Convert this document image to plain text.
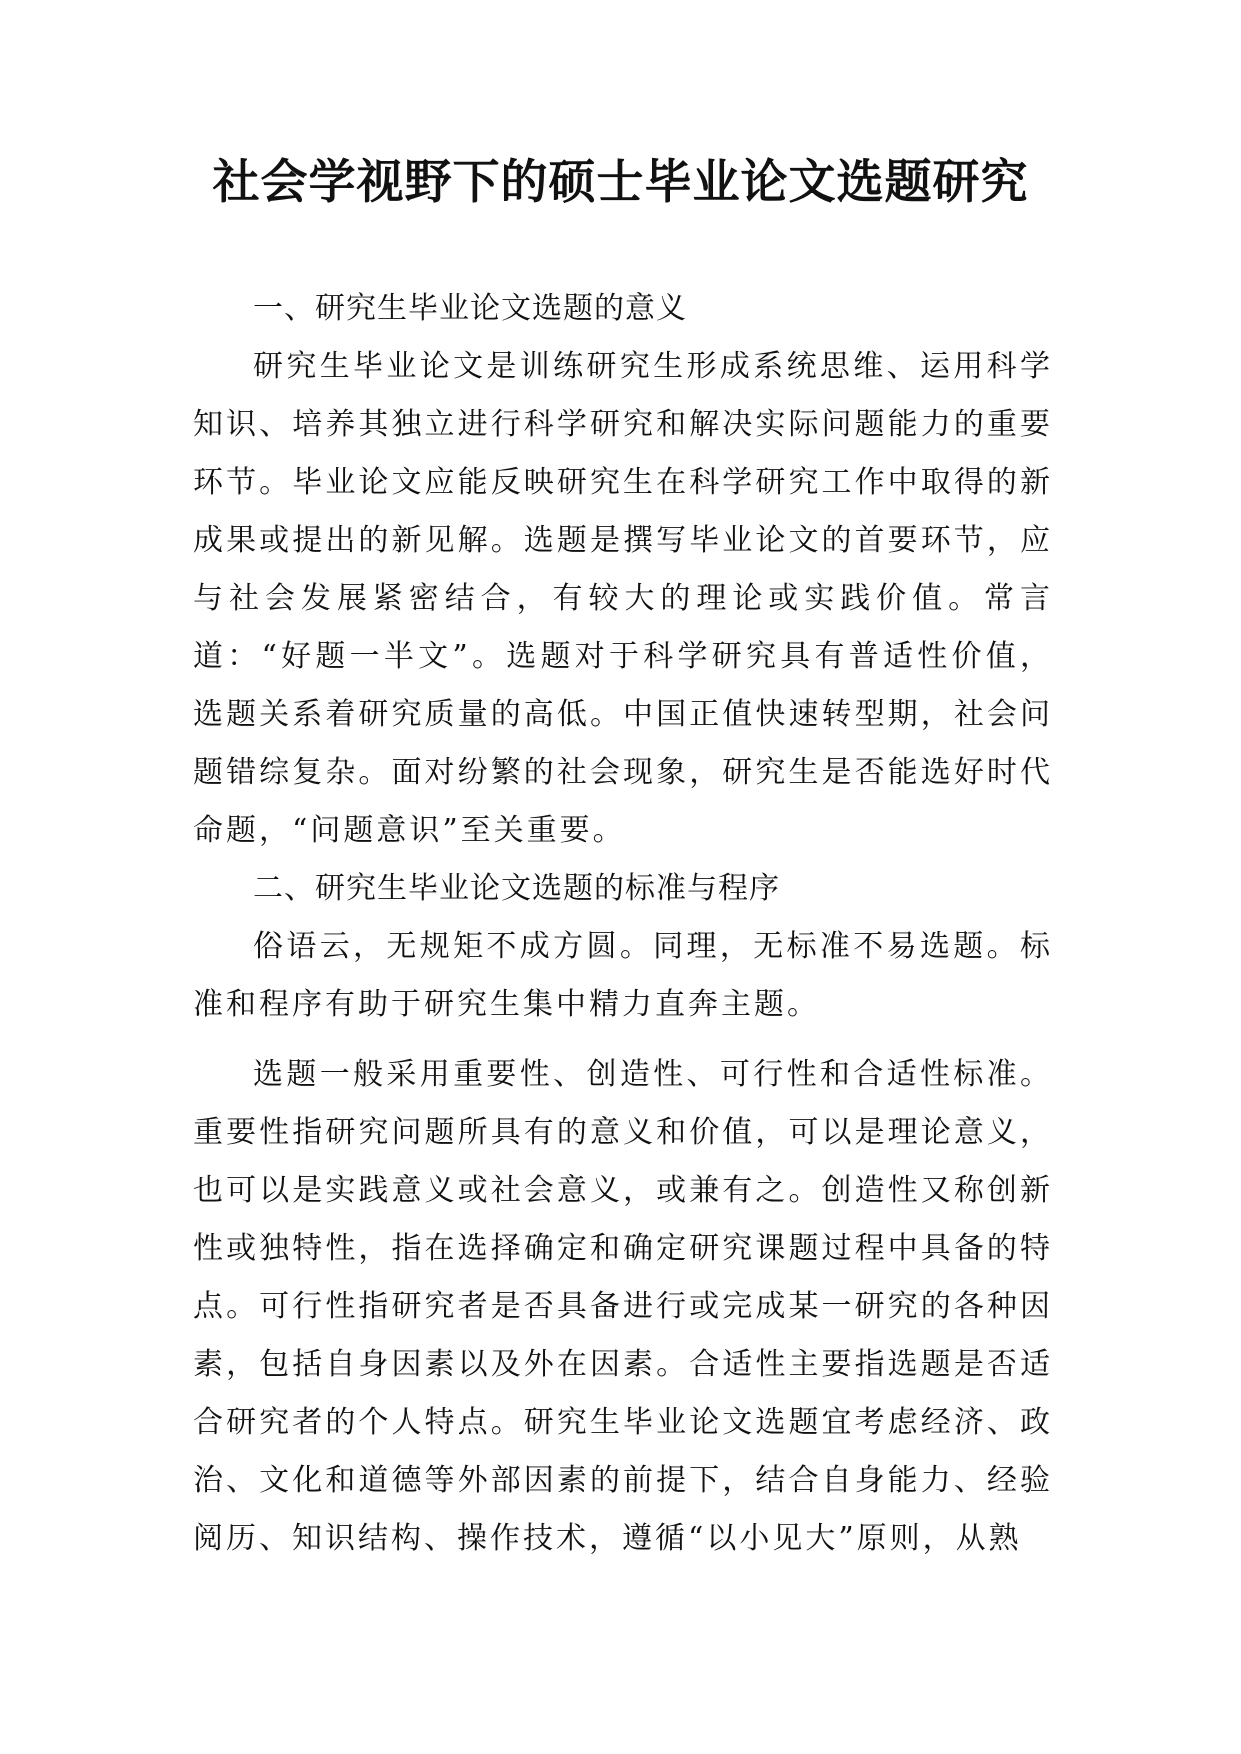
社会学视野下的硕士毕业论文选题研究

一、研究生毕业论文选题的意义

研究生毕业论文是训练研究生形成系统思维、运用科学知识、培养其独立进行科学研究和解决实际问题能力的重要环节。毕业论文应能反映研究生在科学研究工作中取得的新成果或提出的新见解。选题是撰写毕业论文的首要环节，应与社会发展紧密结合，有较大的理论或实践价值。常言道：“好题一半文”。选题对于科学研究具有普适性价值，选题关系着研究质量的高低。中国正值快速转型期，社会问题错综复杂。面对纷繁的社会现象，研究生是否能选好时代命题，“问题意识”至关重要。

二、研究生毕业论文选题的标准与程序

俗语云，无规矩不成方圆。同理，无标准不易选题。标准和程序有助于研究生集中精力直奔主题。

选题一般采用重要性、创造性、可行性和合适性标准。重要性指研究问题所具有的意义和价值，可以是理论意义，也可以是实践意义或社会意义，或兼有之。创造性又称创新性或独特性，指在选择确定和确定研究课题过程中具备的特点。可行性指研究者是否具备进行或完成某一研究的各种因素，包括自身因素以及外在因素。合适性主要指选题是否适合研究者的个人特点。研究生毕业论文选题宜考虑经济、政治、文化和道德等外部因素的前提下，结合自身能力、经验阅历、知识结构、操作技术，遵循“以小见大”原则，从熟
